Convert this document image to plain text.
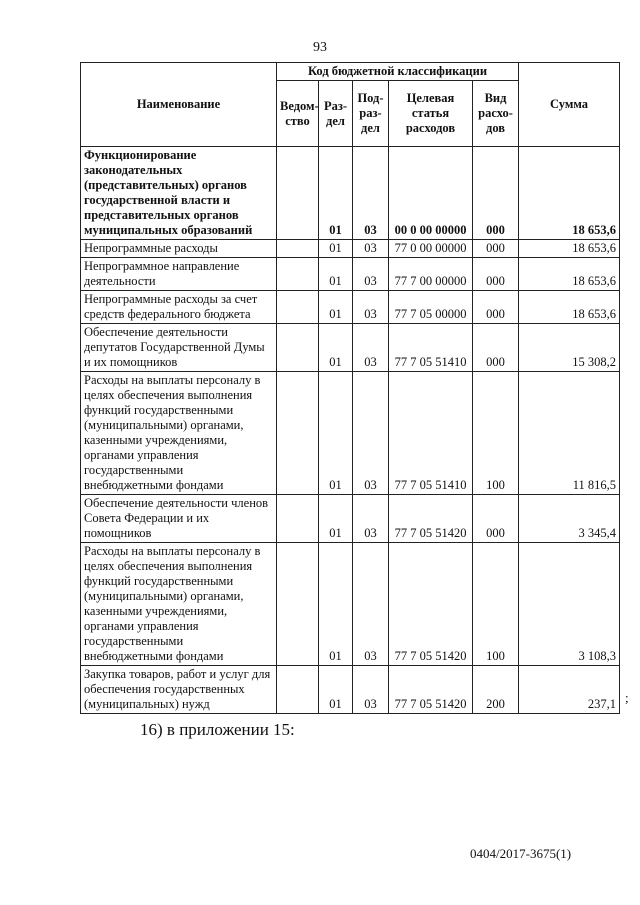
93
Наименование	Код бюджетной классификации					Сумма
	Ведом-ство	Раз-дел	Под-раз-дел	Целевая статья расходов	Вид расхо-дов	
Функционирование законодательных (представительных) органов государственной власти и представительных органов муниципальных образований		01	03	00 0 00 00000	000	18 653,6
Непрограммные расходы		01	03	77 0 00 00000	000	18 653,6
Непрограммное направление деятельности		01	03	77 7 00 00000	000	18 653,6
Непрограммные расходы за счет средств федерального бюджета		01	03	77 7 05 00000	000	18 653,6
Обеспечение деятельности депутатов Государственной Думы и их помощников		01	03	77 7 05 51410	000	15 308,2
Расходы на выплаты персоналу в целях обеспечения выполнения функций государственными (муниципальными) органами, казенными учреждениями, органами управления государственными внебюджетными фондами		01	03	77 7 05 51410	100	11 816,5
Обеспечение деятельности членов Совета Федерации и их помощников		01	03	77 7 05 51420	000	3 345,4
Расходы на выплаты персоналу в целях обеспечения выполнения функций государственными (муниципальными) органами, казенными учреждениями, органами управления государственными внебюджетными фондами		01	03	77 7 05 51420	100	3 108,3
Закупка товаров, работ и услуг для обеспечения государственных (муниципальных) нужд		01	03	77 7 05 51420	200	237,1 ;
16) в приложении 15:
0404/2017-3675(1)
